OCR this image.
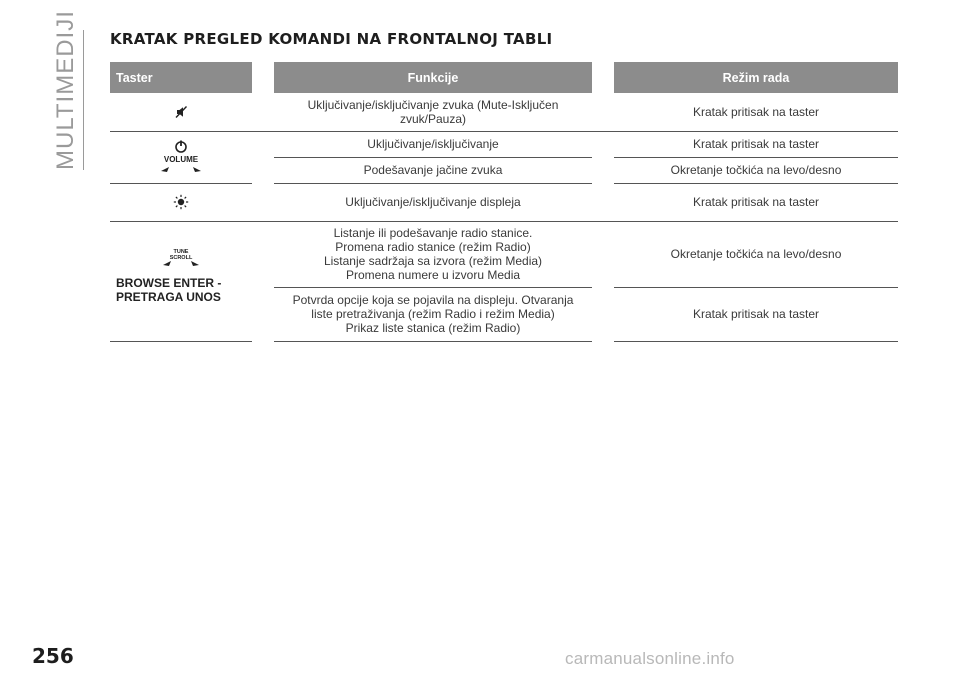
MULTIMEDIJI	KRATAK PREGLED KOMANDI NA FRONTALNOJ TABLI
Taster		Funkcije		Režim rada

		Uključivanje/isključivanje zvuka (Mute-Isključen zvuk/Pauza)		Kratak pritisak na taster

VOLUME		Uključivanje/isključivanje		Kratak pritisak na taster
		Podešavanje jačine zvuka		Okretanje točkića na levo/desno

		Uključivanje/isključivanje displeja		Kratak pritisak na taster

TUNE
SCROLL
BROWSE ENTER -
PRETRAGA UNOS		Listanje ili podešavanje radio stanice.
Promena radio stanice (režim Radio)
Listanje sadržaja sa izvora (režim Media)
Promena numere u izvoru Media		Okretanje točkića na levo/desno
		Potvrda opcije koja se pojavila na displeju. Otvaranja
liste pretraživanja (režim Radio i režim Media)
Prikaz liste stanica (režim Radio)		Kratak pritisak na taster
256	carmanualsonline.info
